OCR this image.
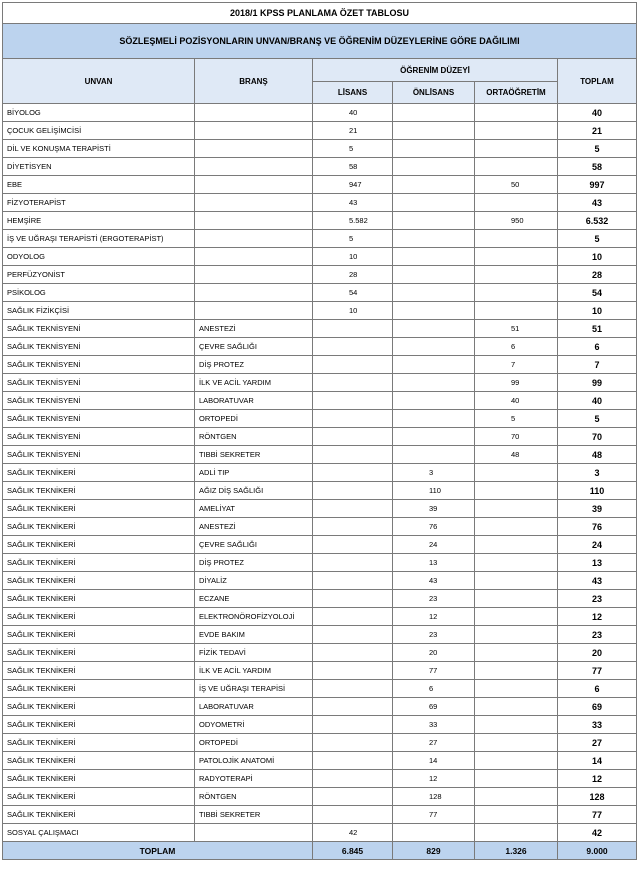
2018/1 KPSS PLANLAMA ÖZET TABLOSU					
SÖZLEŞMELİ POZİSYONLARIN UNVAN/BRANŞ VE ÖĞRENİM DÜZEYLERİNE GÖRE DAĞILIMI					
UNVAN	BRANŞ	ÖĞRENİM DÜZEYİ			TOPLAM
		LİSANS	ÖNLİSANS	ORTAÖĞRETİM	
BİYOLOG		40			40
ÇOCUK GELİŞİMCİSİ		21			21
DİL VE KONUŞMA TERAPİSTİ		5			5
DİYETİSYEN		58			58
EBE		947		50	997
FİZYOTERAPİST		43			43
HEMŞİRE		5.582		950	6.532
İŞ VE UĞRAŞI TERAPİSTİ (ERGOTERAPİST)		5			5
ODYOLOG		10			10
PERFÜZYONİST		28			28
PSİKOLOG		54			54
SAĞLIK FİZİKÇİSİ		10			10
SAĞLIK TEKNİSYENİ	ANESTEZİ			51	51
SAĞLIK TEKNİSYENİ	ÇEVRE SAĞLIĞI			6	6
SAĞLIK TEKNİSYENİ	DİŞ PROTEZ			7	7
SAĞLIK TEKNİSYENİ	İLK VE ACİL YARDIM			99	99
SAĞLIK TEKNİSYENİ	LABORATUVAR			40	40
SAĞLIK TEKNİSYENİ	ORTOPEDİ			5	5
SAĞLIK TEKNİSYENİ	RÖNTGEN			70	70
SAĞLIK TEKNİSYENİ	TIBBİ SEKRETER			48	48
SAĞLIK TEKNİKERİ	ADLİ TIP		3		3
SAĞLIK TEKNİKERİ	AĞIZ DİŞ SAĞLIĞI		110		110
SAĞLIK TEKNİKERİ	AMELİYAT		39		39
SAĞLIK TEKNİKERİ	ANESTEZİ		76		76
SAĞLIK TEKNİKERİ	ÇEVRE SAĞLIĞI		24		24
SAĞLIK TEKNİKERİ	DİŞ PROTEZ		13		13
SAĞLIK TEKNİKERİ	DİYALİZ		43		43
SAĞLIK TEKNİKERİ	ECZANE		23		23
SAĞLIK TEKNİKERİ	ELEKTRONÖROFİZYOLOJİ		12		12
SAĞLIK TEKNİKERİ	EVDE BAKIM		23		23
SAĞLIK TEKNİKERİ	FİZİK TEDAVİ		20		20
SAĞLIK TEKNİKERİ	İLK VE ACİL YARDIM		77		77
SAĞLIK TEKNİKERİ	İŞ VE UĞRAŞI TERAPİSİ		6		6
SAĞLIK TEKNİKERİ	LABORATUVAR		69		69
SAĞLIK TEKNİKERİ	ODYOMETRİ		33		33
SAĞLIK TEKNİKERİ	ORTOPEDİ		27		27
SAĞLIK TEKNİKERİ	PATOLOJİK ANATOMİ		14		14
SAĞLIK TEKNİKERİ	RADYOTERAPİ		12		12
SAĞLIK TEKNİKERİ	RÖNTGEN		128		128
SAĞLIK TEKNİKERİ	TIBBİ SEKRETER		77		77
SOSYAL ÇALIŞMACI		42			42
TOPLAM		6.845	829	1.326	9.000
